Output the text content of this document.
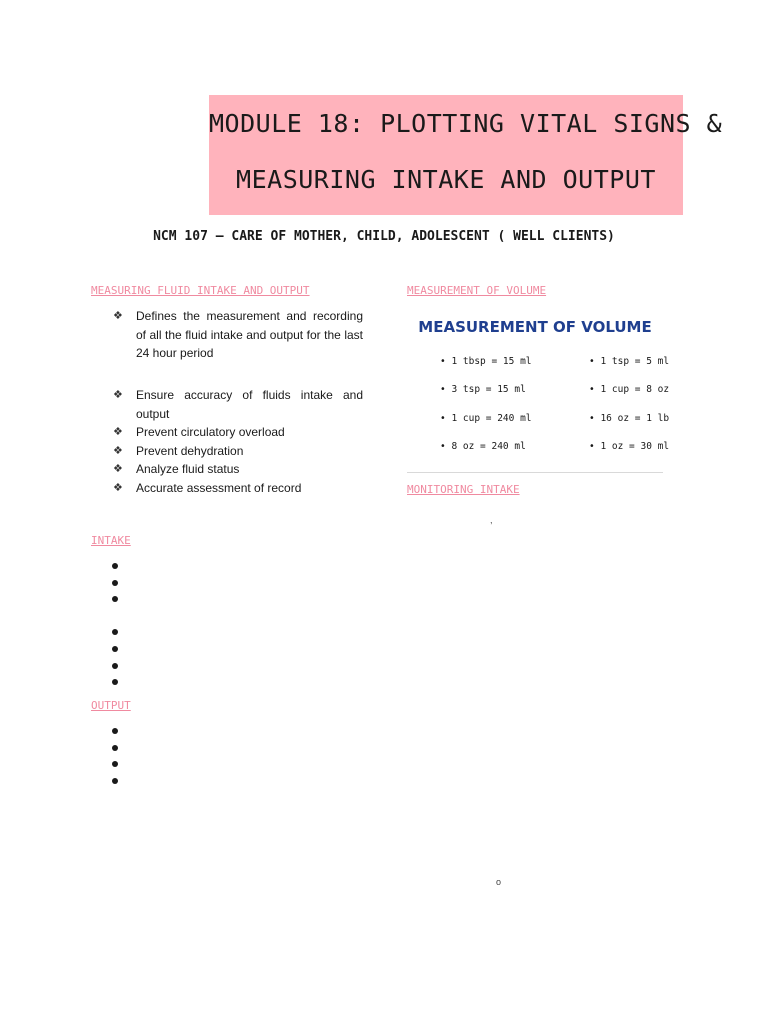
MODULE 18: PLOTTING VITAL SIGNS &
MEASURING INTAKE AND OUTPUT
NCM 107 – CARE OF MOTHER, CHILD, ADOLESCENT ( WELL CLIENTS)
MEASURING FLUID INTAKE AND OUTPUT
❖ Defines the measurement and recording of all the fluid intake and output for the last 24 hour period
❖ Ensure accuracy of fluids intake and output
❖ Prevent circulatory overload
❖ Prevent dehydration
❖ Analyze fluid status
❖ Accurate assessment of record
INTAKE
OUTPUT
MEASUREMENT OF VOLUME
MEASUREMENT OF VOLUME
• 1 tbsp = 15 ml
• 3 tsp = 15 ml
• 1 cup = 240 ml
• 8 oz = 240 ml
• 1 tsp = 5 ml
• 1 cup = 8 oz
• 16 oz = 1 lb
• 1 oz = 30 ml
MONITORING INTAKE
,
o
